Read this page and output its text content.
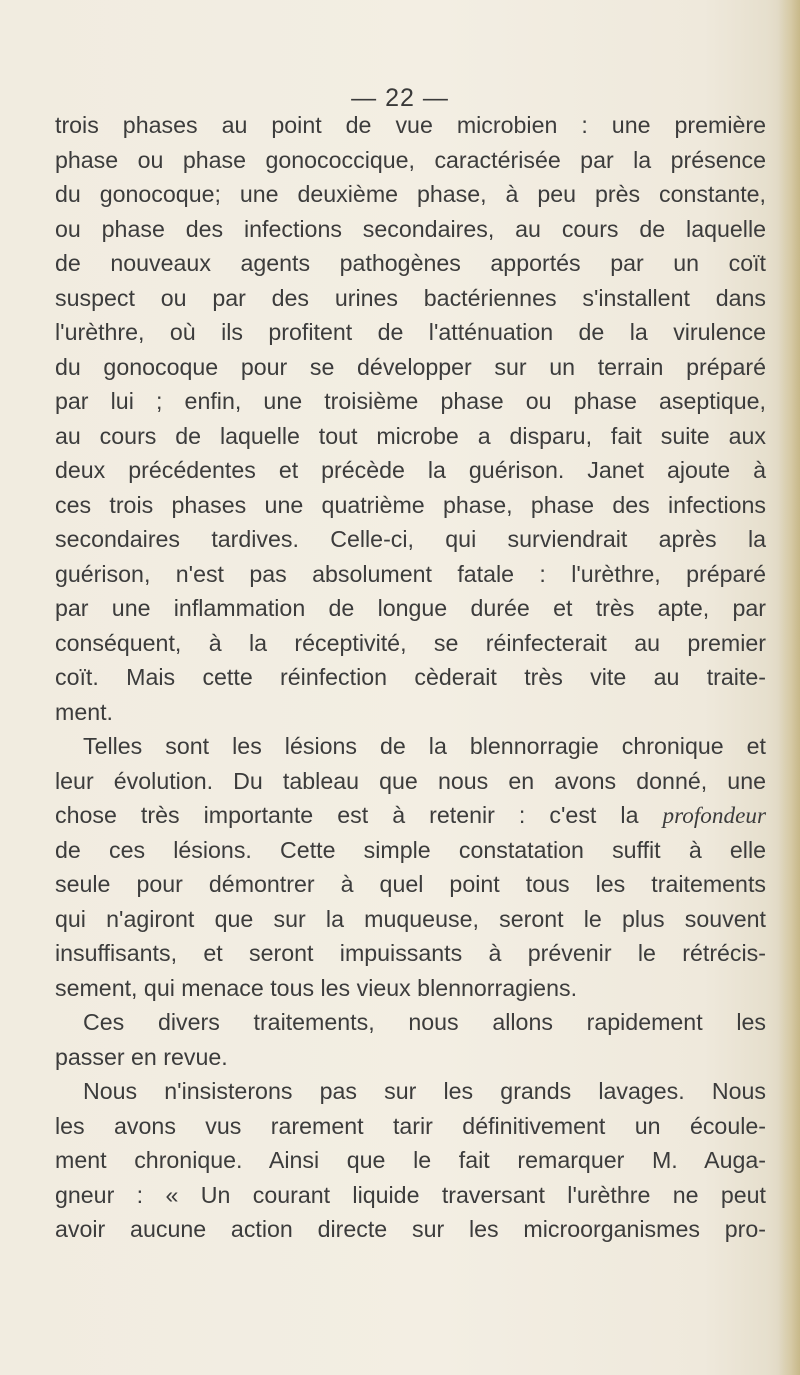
— 22 —
trois phases au point de vue microbien : une première
phase ou phase gonococcique, caractérisée par la présence
du gonocoque; une deuxième phase, à peu près constante,
ou phase des infections secondaires, au cours de laquelle
de nouveaux agents pathogènes apportés par un coït
suspect ou par des urines bactériennes s'installent dans
l'urèthre, où ils profitent de l'atténuation de la virulence
du gonocoque pour se développer sur un terrain préparé
par lui ; enfin, une troisième phase ou phase aseptique,
au cours de laquelle tout microbe a disparu, fait suite aux
deux précédentes et précède la guérison. Janet ajoute à
ces trois phases une quatrième phase, phase des infections
secondaires tardives. Celle-ci, qui surviendrait après la
guérison, n'est pas absolument fatale : l'urèthre, préparé
par une inflammation de longue durée et très apte, par
conséquent, à la réceptivité, se réinfecterait au premier
coït. Mais cette réinfection cèderait très vite au traite-
ment.
Telles sont les lésions de la blennorragie chronique et
leur évolution. Du tableau que nous en avons donné, une
chose très importante est à retenir : c'est la profondeur
de ces lésions. Cette simple constatation suffit à elle
seule pour démontrer à quel point tous les traitements
qui n'agiront que sur la muqueuse, seront le plus souvent
insuffisants, et seront impuissants à prévenir le rétrécis-
sement, qui menace tous les vieux blennorragiens.
Ces divers traitements, nous allons rapidement les
passer en revue.
Nous n'insisterons pas sur les grands lavages. Nous
les avons vus rarement tarir définitivement un écoule-
ment chronique. Ainsi que le fait remarquer M. Auga-
gneur : « Un courant liquide traversant l'urèthre ne peut
avoir aucune action directe sur les microorganismes pro-
